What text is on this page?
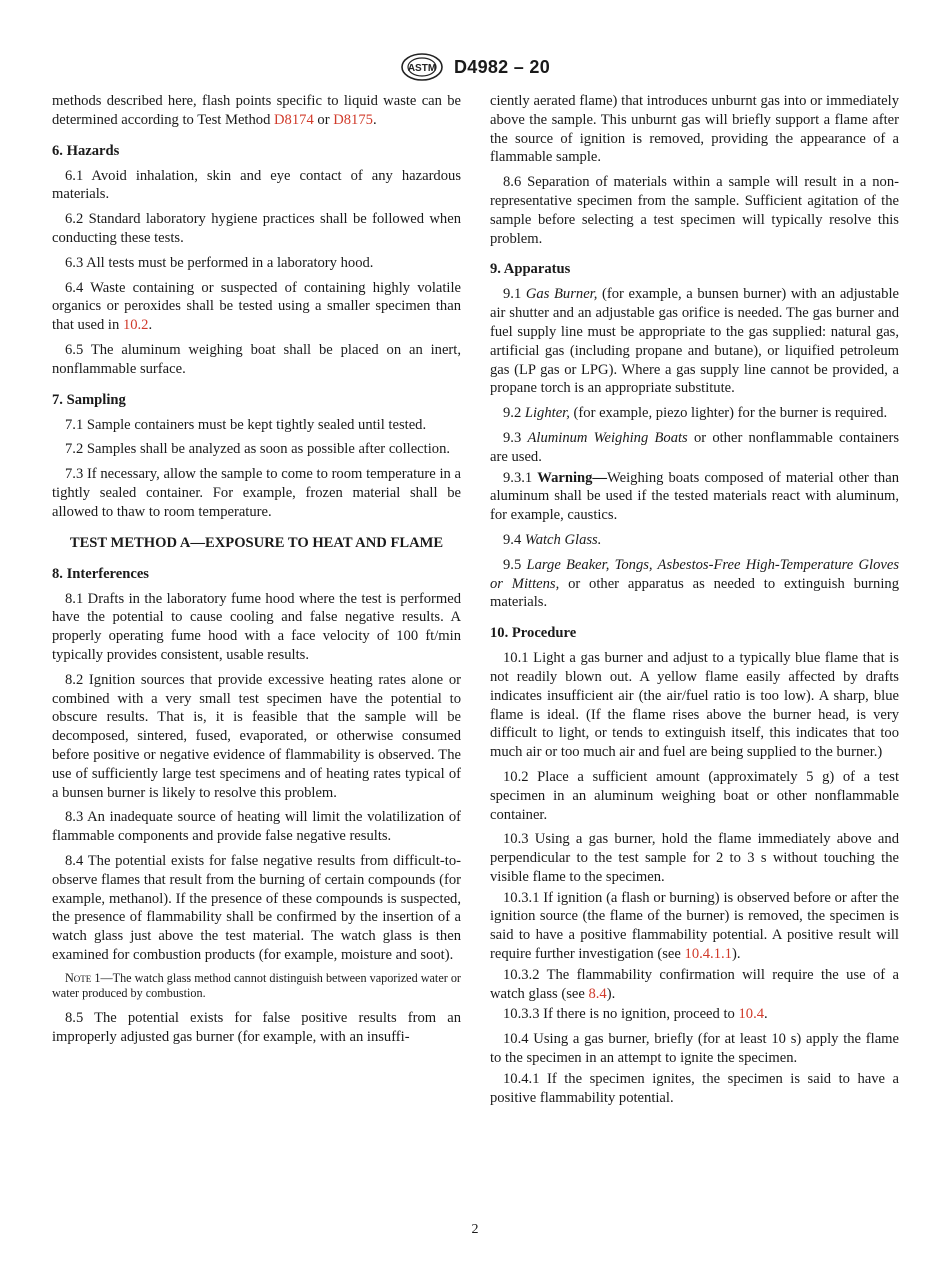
ASTM D4982 – 20

methods described here, flash points specific to liquid waste can be determined according to Test Method D8174 or D8175.

6. Hazards

6.1 Avoid inhalation, skin and eye contact of any hazardous materials.

6.2 Standard laboratory hygiene practices shall be followed when conducting these tests.

6.3 All tests must be performed in a laboratory hood.

6.4 Waste containing or suspected of containing highly volatile organics or peroxides shall be tested using a smaller specimen than that used in 10.2.

6.5 The aluminum weighing boat shall be placed on an inert, nonflammable surface.

7. Sampling

7.1 Sample containers must be kept tightly sealed until tested.

7.2 Samples shall be analyzed as soon as possible after collection.

7.3 If necessary, allow the sample to come to room temperature in a tightly sealed container. For example, frozen material shall be allowed to thaw to room temperature.

TEST METHOD A—EXPOSURE TO HEAT AND FLAME
8. Interferences

8.1 Drafts in the laboratory fume hood where the test is performed have the potential to cause cooling and false negative results. A properly operating fume hood with a face velocity of 100 ft/min typically provides consistent, usable results.

8.2 Ignition sources that provide excessive heating rates alone or combined with a very small test specimen have the potential to obscure results. That is, it is feasible that the sample will be decomposed, sintered, fused, evaporated, or otherwise consumed before positive or negative evidence of flammability is observed. The use of sufficiently large test specimens and of heating rates typical of a bunsen burner is likely to resolve this problem.

8.3 An inadequate source of heating will limit the volatilization of flammable components and provide false negative results.

8.4 The potential exists for false negative results from difficult-to-observe flames that result from the burning of certain compounds (for example, methanol). If the presence of these compounds is suspected, the presence of flammability shall be confirmed by the insertion of a watch glass just above the test material. The watch glass is then examined for combustion products (for example, moisture and soot).

Note 1—The watch glass method cannot distinguish between vaporized water or water produced by combustion.

8.5 The potential exists for false positive results from an improperly adjusted gas burner (for example, with an insuffi-

ciently aerated flame) that introduces unburnt gas into or immediately above the sample. This unburnt gas will briefly support a flame after the source of ignition is removed, providing the appearance of a flammable sample.

8.6 Separation of materials within a sample will result in a non-representative specimen from the sample. Sufficient agitation of the sample before selecting a test specimen will typically resolve this problem.

9. Apparatus

9.1 Gas Burner, (for example, a bunsen burner) with an adjustable air shutter and an adjustable gas orifice is needed. The gas burner and fuel supply line must be appropriate to the gas supplied: natural gas, artificial gas (including propane and butane), or liquified petroleum gas (LP gas or LPG). Where a gas supply line cannot be provided, a propane torch is an appropriate substitute.

9.2 Lighter, (for example, piezo lighter) for the burner is required.

9.3 Aluminum Weighing Boats or other nonflammable containers are used.

9.3.1 Warning—Weighing boats composed of material other than aluminum shall be used if the tested materials react with aluminum, for example, caustics.

9.4 Watch Glass.

9.5 Large Beaker, Tongs, Asbestos-Free High-Temperature Gloves or Mittens, or other apparatus as needed to extinguish burning materials.

10. Procedure

10.1 Light a gas burner and adjust to a typically blue flame that is not readily blown out. A yellow flame easily affected by drafts indicates insufficient air (the air/fuel ratio is too low). A sharp, blue flame is ideal. (If the flame rises above the burner head, is very difficult to light, or tends to extinguish itself, this indicates that too much air or too much air and fuel are being supplied to the burner.)

10.2 Place a sufficient amount (approximately 5 g) of a test specimen in an aluminum weighing boat or other nonflammable container.

10.3 Using a gas burner, hold the flame immediately above and perpendicular to the test sample for 2 to 3 s without touching the visible flame to the specimen.

10.3.1 If ignition (a flash or burning) is observed before or after the ignition source (the flame of the burner) is removed, the specimen is said to have a positive flammability potential. A positive result will require further investigation (see 10.4.1.1).

10.3.2 The flammability confirmation will require the use of a watch glass (see 8.4).

10.3.3 If there is no ignition, proceed to 10.4.

10.4 Using a gas burner, briefly (for at least 10 s) apply the flame to the specimen in an attempt to ignite the specimen.

10.4.1 If the specimen ignites, the specimen is said to have a positive flammability potential.

2
